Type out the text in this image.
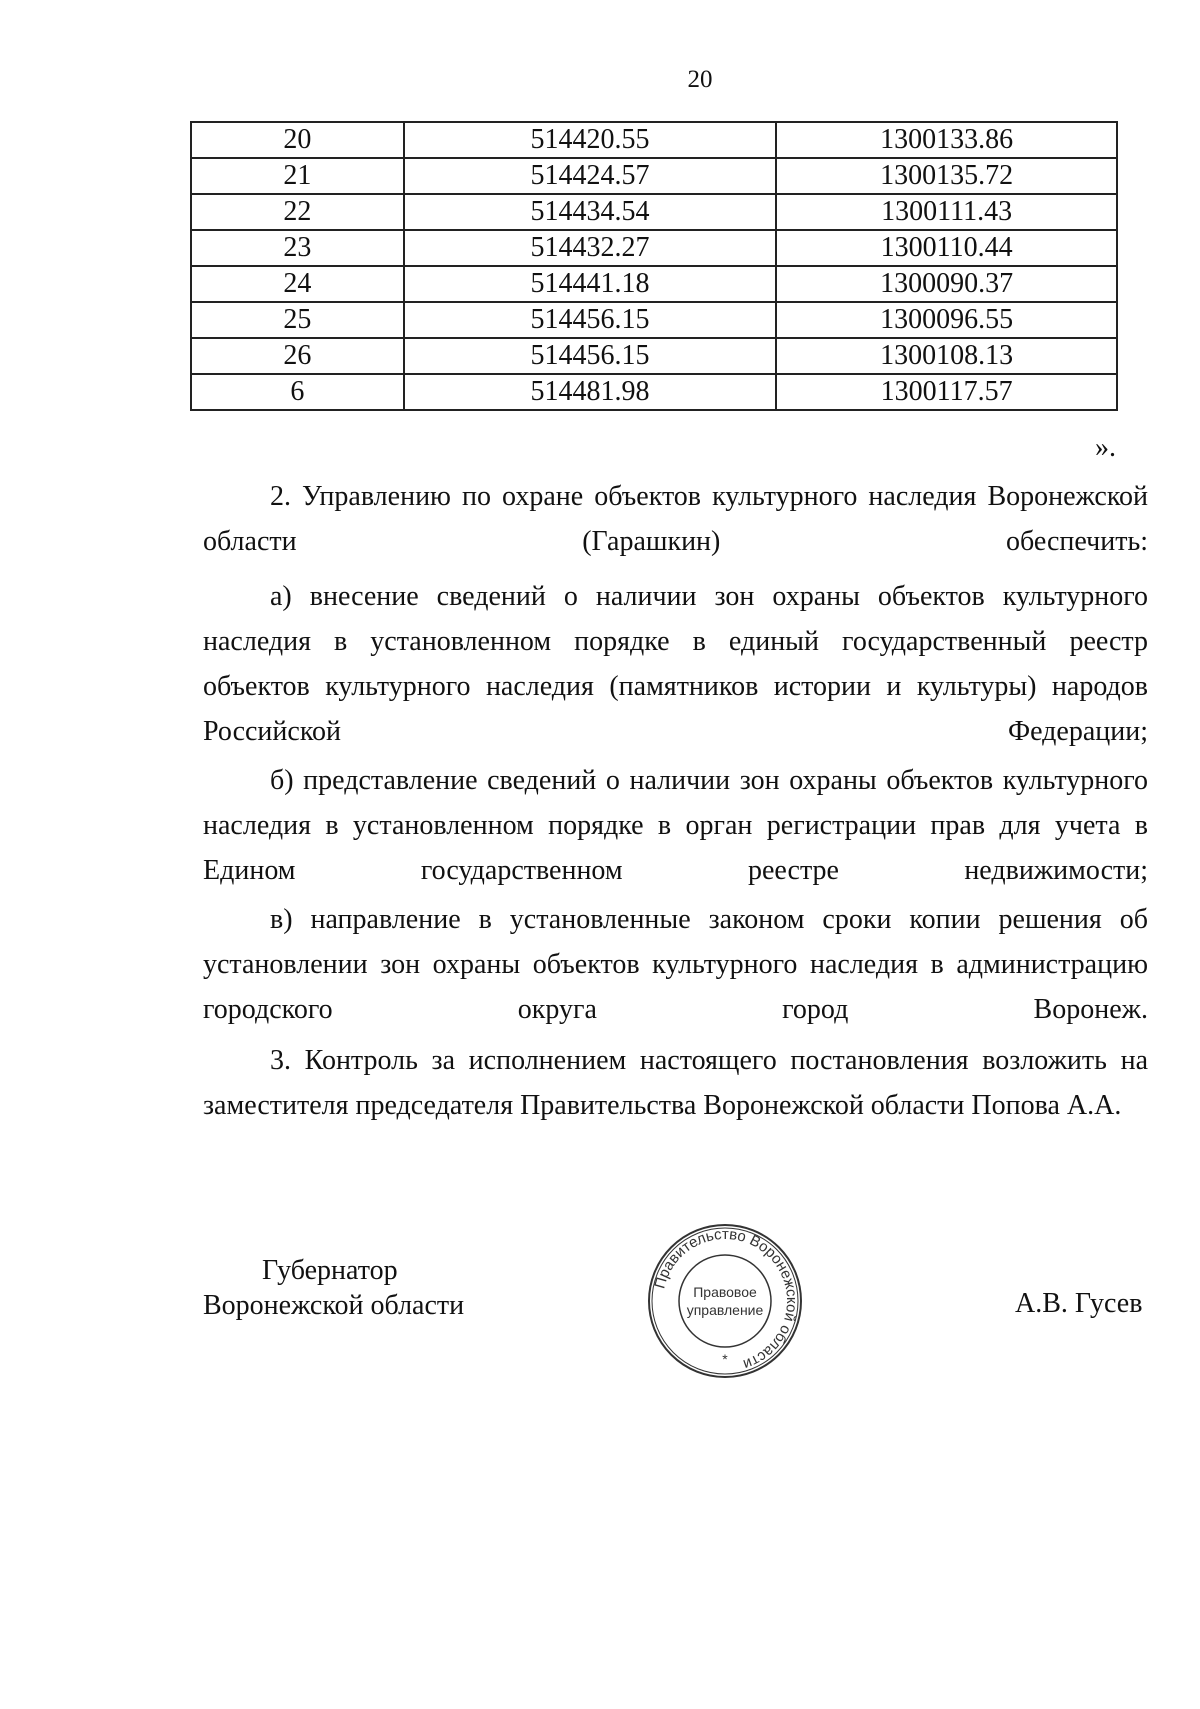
20
20	514420.55	1300133.86
21	514424.57	1300135.72
22	514434.54	1300111.43
23	514432.27	1300110.44
24	514441.18	1300090.37
25	514456.15	1300096.55
26	514456.15	1300108.13
6	514481.98	1300117.57
».

2. Управлению по охране объектов культурного наследия Воронежской области (Гарашкин) обеспечить:

а) внесение сведений о наличии зон охраны объектов культурного наследия в установленном порядке в единый государственный реестр объектов культурного наследия (памятников истории и культуры) народов Российской Федерации;

б) представление сведений о наличии зон охраны объектов культурного наследия в установленном порядке в орган регистрации прав для учета в Едином государственном реестре недвижимости;

в) направление в установленные законом сроки копии решения об установлении зон охраны объектов культурного наследия в администрацию городского округа город Воронеж.

3. Контроль за исполнением настоящего постановления возложить на заместителя председателя Правительства Воронежской области Попова А.А.

Губернатор
Воронежской области
Правительство Воронежской области
Правовое
управление
*
А.В. Гусев
